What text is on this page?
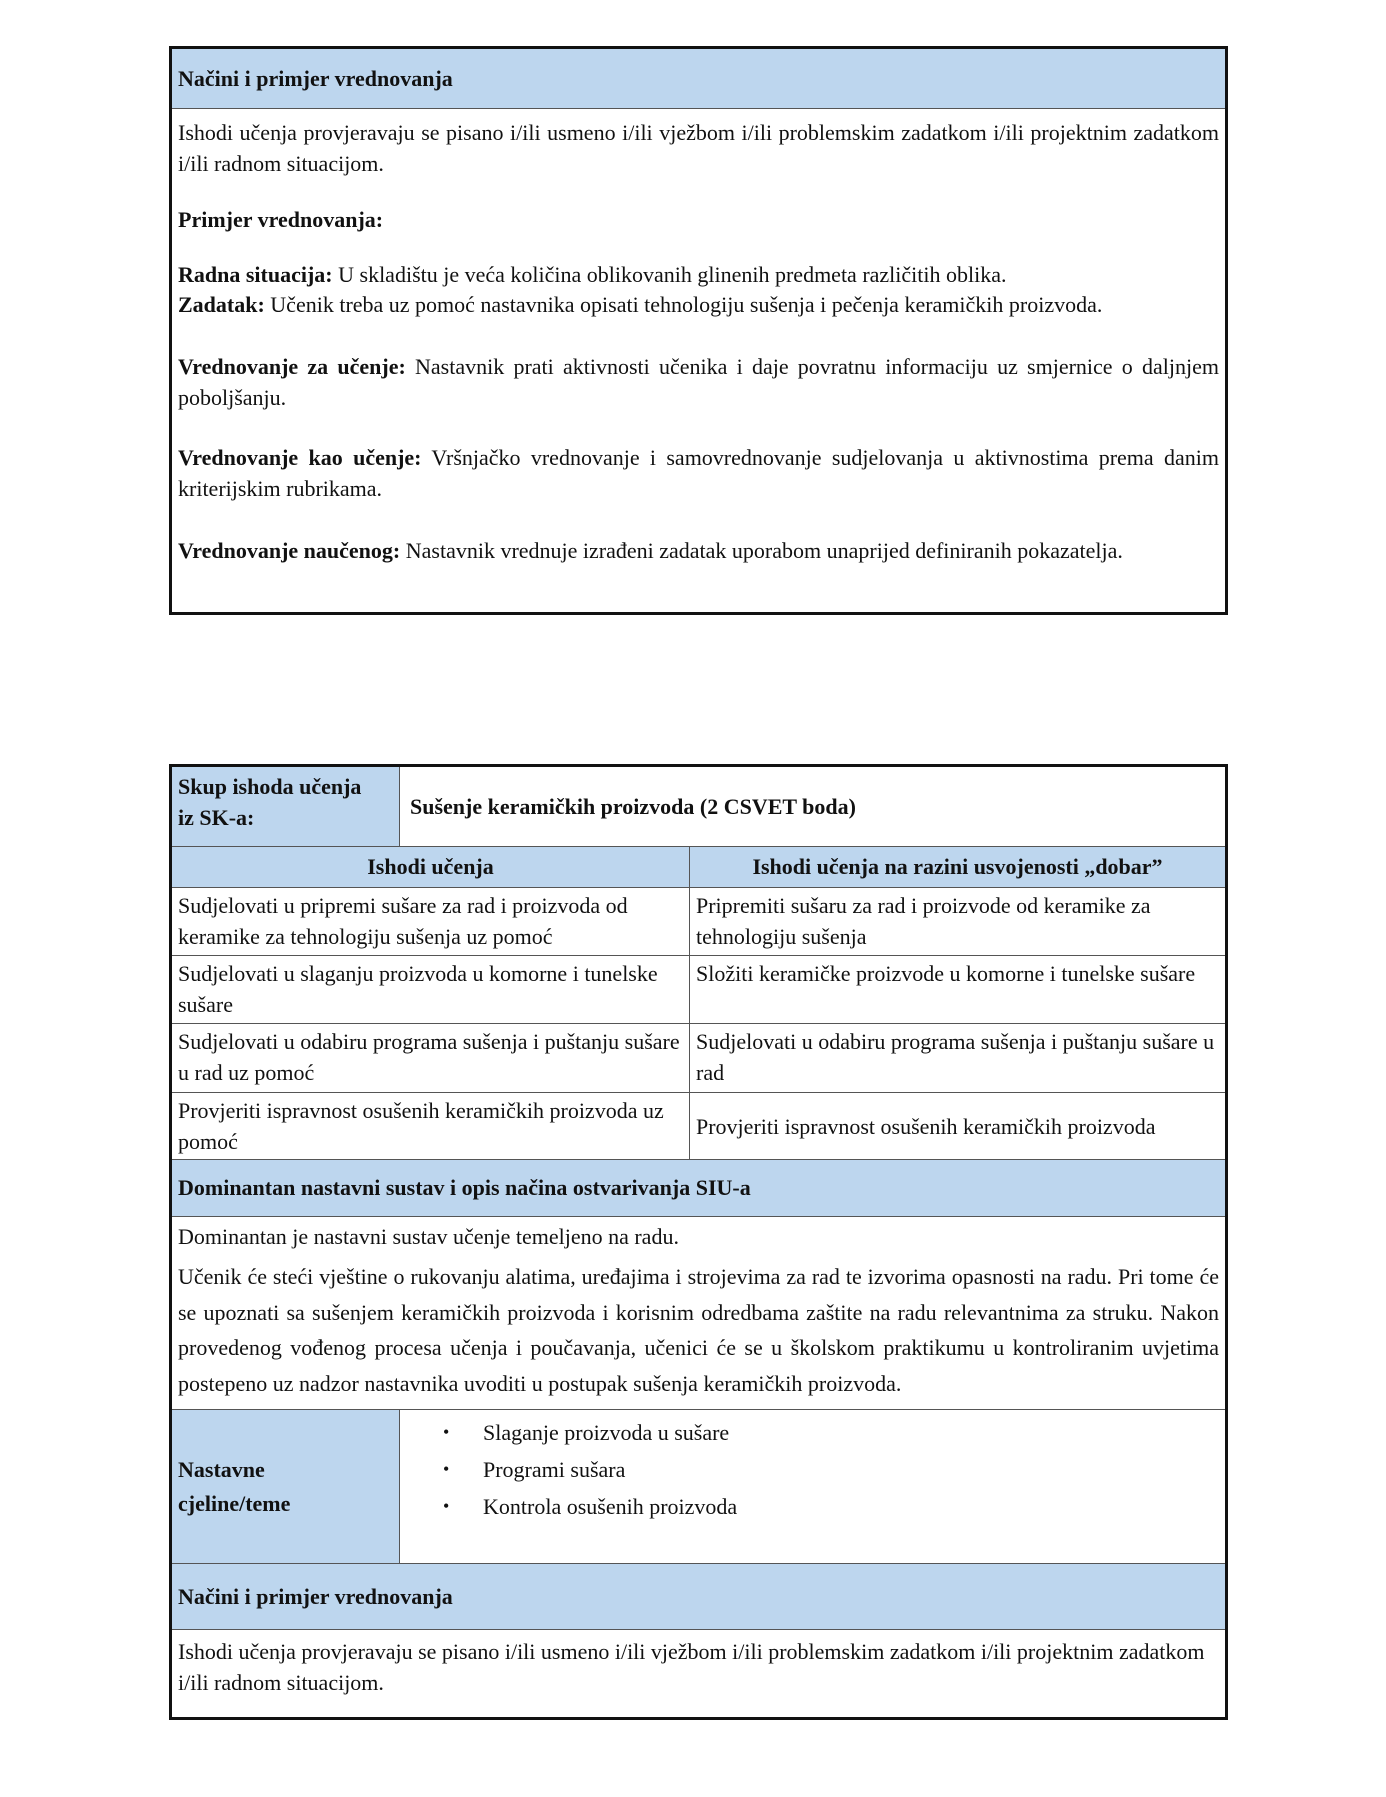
Načini i primjer vrednovanja
Ishodi učenja provjeravaju se pisano i/ili usmeno i/ili vježbom i/ili problemskim zadatkom i/ili projektnim zadatkom i/ili radnom situacijom.
Primjer vrednovanja:
Radna situacija: U skladištu je veća količina oblikovanih glinenih predmeta različitih oblika.
Zadatak: Učenik treba uz pomoć nastavnika opisati tehnologiju sušenja i pečenja keramičkih proizvoda.
Vrednovanje za učenje: Nastavnik prati aktivnosti učenika i daje povratnu informaciju uz smjernice o daljnjem poboljšanju.
Vrednovanje kao učenje: Vršnjačko vrednovanje i samovrednovanje sudjelovanja u aktivnostima prema danim kriterijskim rubrikama.
Vrednovanje naučenog: Nastavnik vrednuje izrađeni zadatak uporabom unaprijed definiranih pokazatelja.
Skup ishoda učenja iz SK-a:	Sušenje keramičkih proizvoda (2 CSVET boda)
Ishodi učenja	Ishodi učenja na razini usvojenosti „dobar”
Sudjelovati u pripremi sušare za rad i proizvoda od keramike za tehnologiju sušenja uz pomoć
Pripremiti sušaru za rad i proizvode od keramike za tehnologiju sušenja
Sudjelovati u slaganju proizvoda u komorne i tunelske sušare
Složiti keramičke proizvode u komorne i tunelske sušare
Sudjelovati u odabiru programa sušenja i puštanju sušare u rad uz pomoć
Sudjelovati u odabiru programa sušenja i puštanju sušare u rad
Provjeriti ispravnost osušenih keramičkih proizvoda uz pomoć
Provjeriti ispravnost osušenih keramičkih proizvoda
Dominantan nastavni sustav i opis načina ostvarivanja SIU-a
Dominantan je nastavni sustav učenje temeljeno na radu.
Učenik će steći vještine o rukovanju alatima, uređajima i strojevima za rad te izvorima opasnosti na radu. Pri tome će se upoznati sa sušenjem keramičkih proizvoda i korisnim odredbama zaštite na radu relevantnima za struku. Nakon provedenog vođenog procesa učenja i poučavanja, učenici će se u školskom praktikumu u kontroliranim uvjetima postepeno uz nadzor nastavnika uvoditi u postupak sušenja keramičkih proizvoda.
Nastavne cjeline/teme
• Slaganje proizvoda u sušare
• Programi sušara
• Kontrola osušenih proizvoda
Načini i primjer vrednovanja
Ishodi učenja provjeravaju se pisano i/ili usmeno i/ili vježbom i/ili problemskim zadatkom i/ili projektnim zadatkom i/ili radnom situacijom.
